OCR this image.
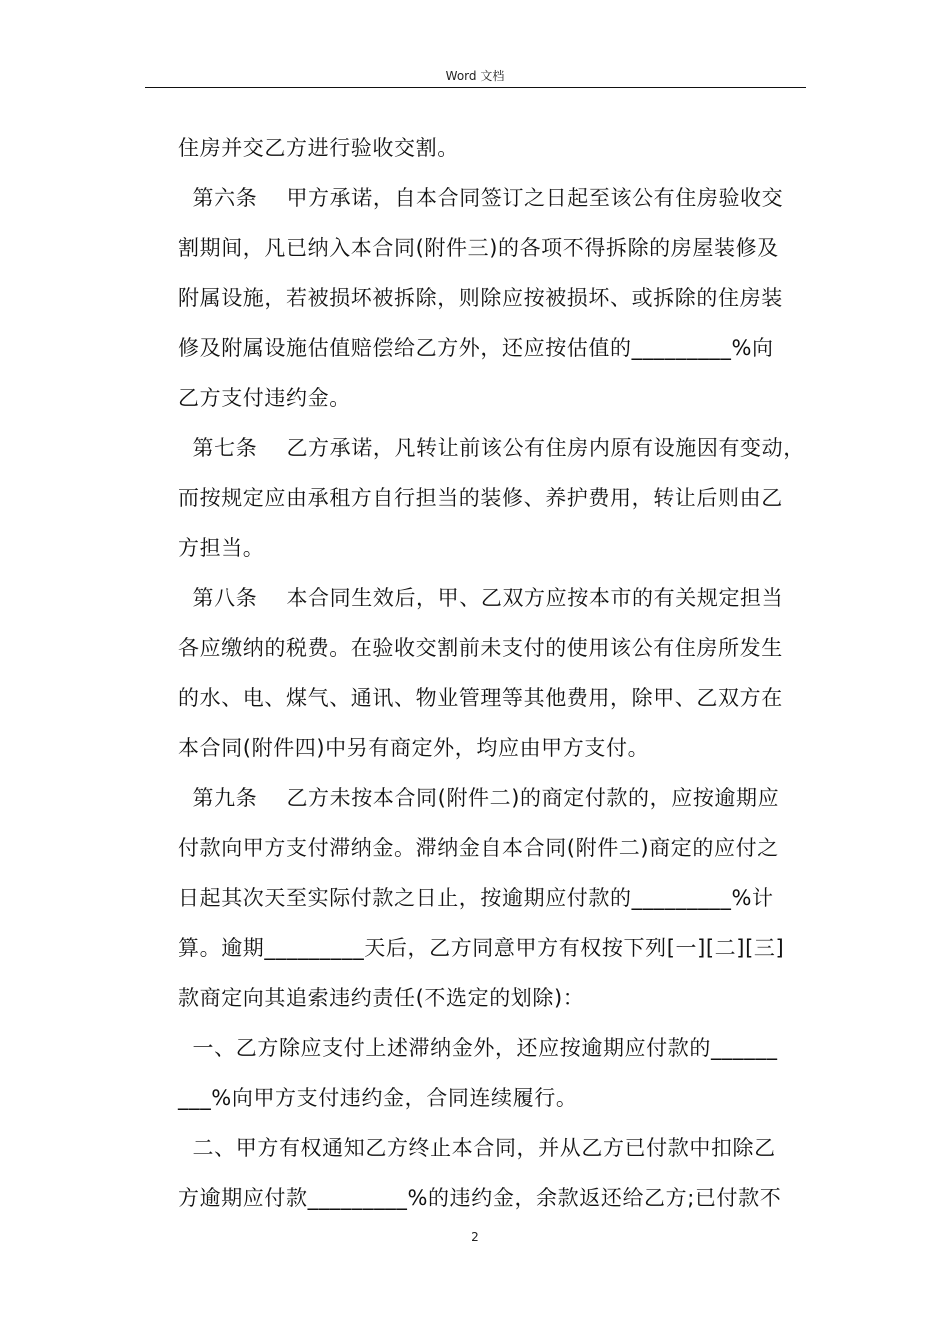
Word 文档
住房并交乙方进行验收交割。
第六条    甲方承诺，自本合同签订之日起至该公有住房验收交
割期间，凡已纳入本合同(附件三)的各项不得拆除的房屋装修及
附属设施，若被损坏被拆除，则除应按被损坏、或拆除的住房装
修及附属设施估值赔偿给乙方外，还应按估值的_________%向
乙方支付违约金。
第七条    乙方承诺，凡转让前该公有住房内原有设施因有变动，
而按规定应由承租方自行担当的装修、养护费用，转让后则由乙
方担当。
第八条    本合同生效后，甲、乙双方应按本市的有关规定担当
各应缴纳的税费。在验收交割前未支付的使用该公有住房所发生
的水、电、煤气、通讯、物业管理等其他费用，除甲、乙双方在
本合同(附件四)中另有商定外，均应由甲方支付。
第九条    乙方未按本合同(附件二)的商定付款的，应按逾期应
付款向甲方支付滞纳金。滞纳金自本合同(附件二)商定的应付之
日起其次天至实际付款之日止，按逾期应付款的_________%计
算。逾期_________天后，乙方同意甲方有权按下列[一][二][三]
款商定向其追索违约责任(不选定的划除)：
一、乙方除应支付上述滞纳金外，还应按逾期应付款的______
___%向甲方支付违约金，合同连续履行。
二、甲方有权通知乙方终止本合同，并从乙方已付款中扣除乙
方逾期应付款_________%的违约金，余款返还给乙方;已付款不
2
